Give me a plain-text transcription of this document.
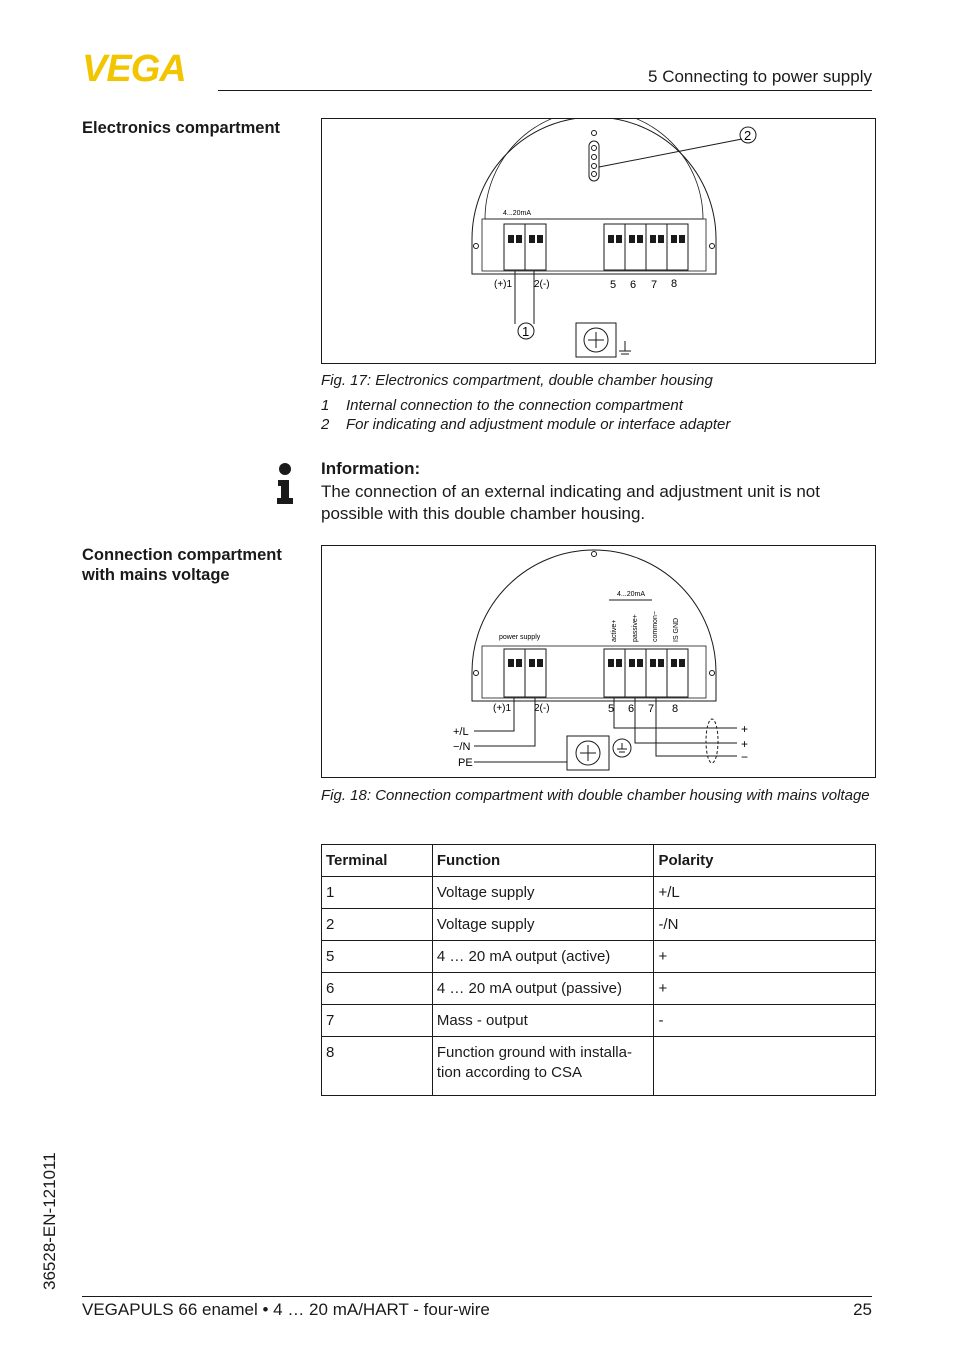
VEGA	5 Connecting to power supply
Electronics compartment
4...20mA
(+)1 2(-)	5 6 7 8
1
2
Fig. 17: Electronics compartment, double chamber housing
1 Internal connection to the connection compartment
2 For indicating and adjustment module or interface adapter
Information:
The connection of an external indicating and adjustment unit is not possible with this double chamber housing.
Connection compartment
with mains voltage
4...20mA
power supply	active+ passive+ common− IS GND
(+)1 2(-)	5 6 7 8
+/L
−/N
PE
+
+
−
Fig. 18: Connection compartment with double chamber housing with mains voltage
Terminal	Function	Polarity
1	Voltage supply	+/L
2	Voltage supply	-/N
5	4 … 20 mA output (active)	+
6	4 … 20 mA output (passive)	+
7	Mass - output	-
8	Function ground with installa-tion according to CSA	
36528-EN-121011
VEGAPULS 66 enamel • 4 … 20 mA/HART - four-wire	25
